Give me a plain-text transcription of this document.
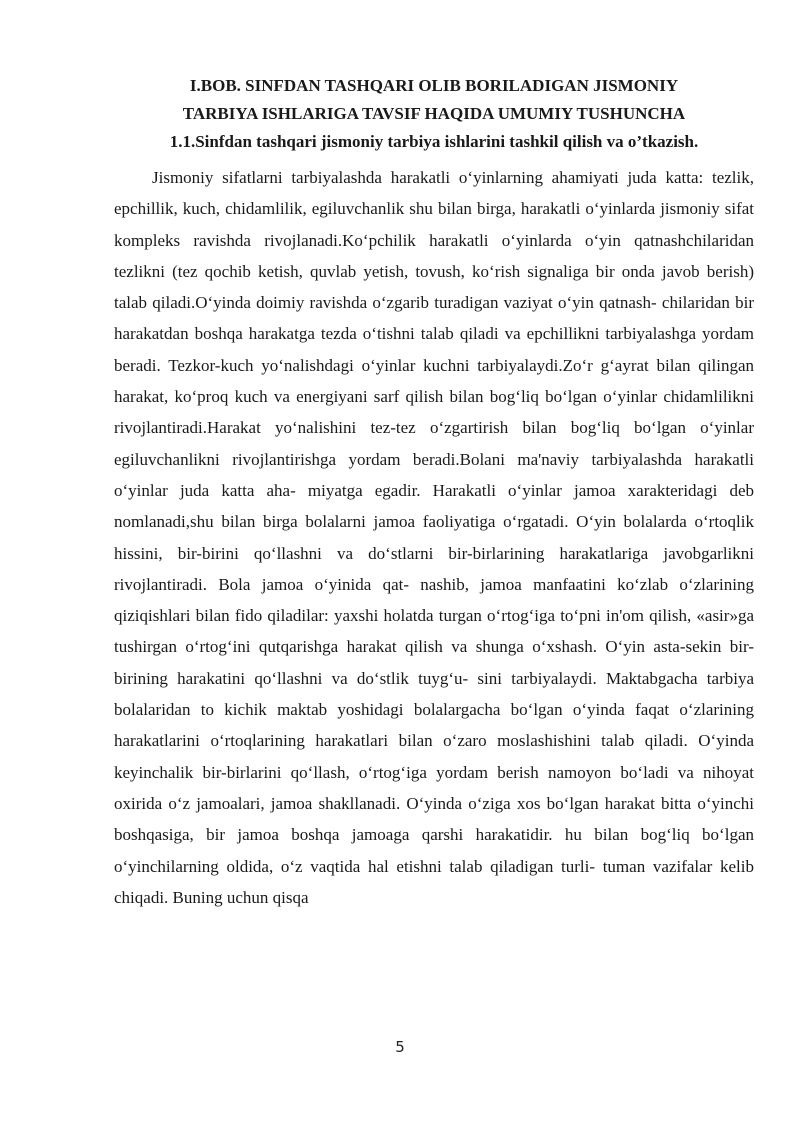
I.BOB. SINFDAN TASHQARI OLIB BORILADIGAN JISMONIY
TARBIYA ISHLARIGA TAVSIF HAQIDA UMUMIY TUSHUNCHA
1.1.Sinfdan tashqari jismoniy tarbiya ishlarini tashkil qilish va o’tkazish.

Jismoniy sifatlarni tarbiyalashda harakatli o‘yinlarning ahamiyati juda katta: tezlik, epchillik, kuch, chidamlilik, egiluvchanlik shu bilan birga, harakatli o‘yinlarda jismoniy sifat kompleks ravishda rivojlanadi.Ko‘pchilik harakatli o‘yinlarda o‘yin qatnashchilaridan tezlikni (tez qochib ketish, quvlab yetish, tovush, ko‘rish signaliga bir onda javob berish) talab qiladi.O‘yinda doimiy ravishda o‘zgarib turadigan vaziyat o‘yin qatnash- chilaridan bir harakatdan boshqa harakatga tezda o‘tishni talab qiladi va epchillikni tarbiyalashga yordam beradi. Tezkor-kuch yo‘nalishdagi o‘yinlar kuchni tarbiyalaydi.Zo‘r g‘ayrat bilan qilingan harakat, ko‘proq kuch va energiyani sarf qilish bilan bog‘liq bo‘lgan o‘yinlar chidamlilikni rivojlantiradi.Harakat yo‘nalishini tez-tez o‘zgartirish bilan bog‘liq bo‘lgan o‘yinlar egiluvchanlikni rivojlantirishga yordam beradi.Bolani ma'naviy tarbiyalashda harakatli o‘yinlar juda katta aha- miyatga egadir. Harakatli o‘yinlar jamoa xarakteridagi deb nomlanadi,shu bilan birga bolalarni jamoa faoliyatiga o‘rgatadi. O‘yin bolalarda o‘rtoqlik hissini, bir-birini qo‘llashni va do‘stlarni bir-birlarining harakatlariga javobgarlikni rivojlantiradi. Bola jamoa o‘yinida qat- nashib, jamoa manfaatini ko‘zlab o‘zlarining qiziqishlari bilan fido qiladilar: yaxshi holatda turgan o‘rtog‘iga to‘pni in'om qilish, «asir»ga tushirgan o‘rtog‘ini qutqarishga harakat qilish va shunga o‘xshash. O‘yin asta-sekin bir-birining harakatini qo‘llashni va do‘stlik tuyg‘u- sini tarbiyalaydi. Maktabgacha tarbiya bolalaridan to kichik maktab yoshidagi bolalargacha bo‘lgan o‘yinda faqat o‘zlarining harakatlarini o‘rtoqlarining harakatlari bilan o‘zaro moslashishini talab qiladi. O‘yinda keyinchalik bir-birlarini qo‘llash, o‘rtog‘iga yordam berish namoyon bo‘ladi va nihoyat oxirida o‘z jamoalari, jamoa shakllanadi. O‘yinda o‘ziga xos bo‘lgan harakat bitta o‘yinchi boshqasiga, bir jamoa boshqa jamoaga qarshi harakatidir. hu bilan bog‘liq bo‘lgan o‘yinchilarning oldida, o‘z vaqtida hal etishni talab qiladigan turli- tuman vazifalar kelib chiqadi. Buning uchun qisqa

5
